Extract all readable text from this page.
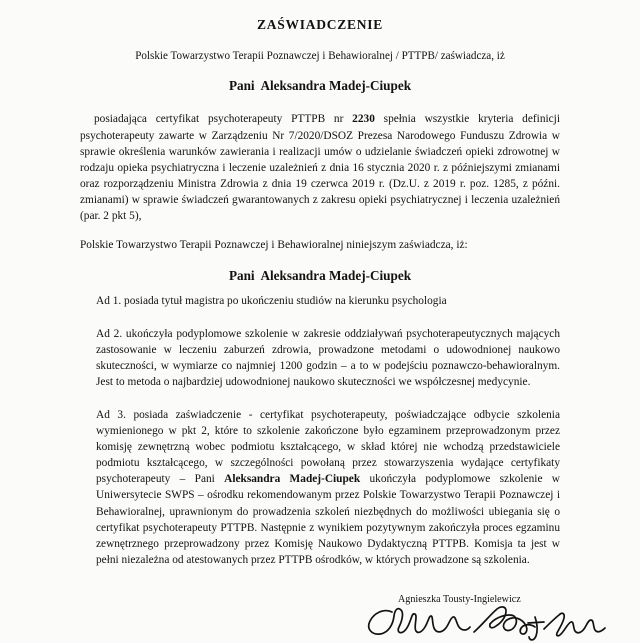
ZAŚWIADCZENIE

Polskie Towarzystwo Terapii Poznawczej i Behawioralnej / PTTPB/ zaświadcza, iż

Pani  Aleksandra Madej-Ciupek

posiadająca certyfikat psychoterapeuty PTTPB nr 2230 spełnia wszystkie kryteria definicji psychoterapeuty zawarte w Zarządzeniu Nr 7/2020/DSOZ Prezesa Narodowego Funduszu Zdrowia w sprawie określenia warunków zawierania i realizacji umów o udzielanie świadczeń opieki zdrowotnej w rodzaju opieka psychiatryczna i leczenie uzależnień z dnia 16 stycznia 2020 r. z późniejszymi zmianami oraz rozporządzeniu Ministra Zdrowia z dnia 19 czerwca 2019 r. (Dz.U. z 2019 r. poz. 1285, z późni. zmianami) w sprawie świadczeń gwarantowanych z zakresu opieki psychiatrycznej i leczenia uzależnień (par. 2 pkt 5),

Polskie Towarzystwo Terapii Poznawczej i Behawioralnej niniejszym zaświadcza, iż:

Pani  Aleksandra Madej-Ciupek

Ad 1. posiada tytuł magistra po ukończeniu studiów na kierunku psychologia

Ad 2. ukończyła podyplomowe szkolenie w zakresie oddziaływań psychoterapeutycznych mających zastosowanie w leczeniu zaburzeń zdrowia, prowadzone metodami o udowodnionej naukowo skuteczności, w wymiarze co najmniej 1200 godzin – a to w podejściu poznawczo-behawioralnym. Jest to metoda o najbardziej udowodnionej naukowo skuteczności we współczesnej medycynie.

Ad 3. posiada zaświadczenie - certyfikat psychoterapeuty, poświadczające odbycie szkolenia wymienionego w pkt 2, które to szkolenie zakończone było egzaminem przeprowadzonym przez komisję zewnętrzną wobec podmiotu kształcącego, w skład której nie wchodzą przedstawiciele podmiotu kształcącego, w szczególności powołaną przez stowarzyszenia wydające certyfikaty psychoterapeuty – Pani Aleksandra Madej-Ciupek ukończyła podyplomowe szkolenie w Uniwersytecie SWPS – ośrodku rekomendowanym przez Polskie Towarzystwo Terapii Poznawczej i Behawioralnej, uprawnionym do prowadzenia szkoleń niezbędnych do możliwości ubiegania się o certyfikat psychoterapeuty PTTPB. Następnie z wynikiem pozytywnym zakończyła proces egzaminu zewnętrznego przeprowadzony przez Komisję Naukowo Dydaktyczną PTTPB. Komisja ta jest w pełni niezależna od atestowanych przez PTTPB ośrodków, w których prowadzone są szkolenia.

Agnieszka Tousty-Ingielewicz
